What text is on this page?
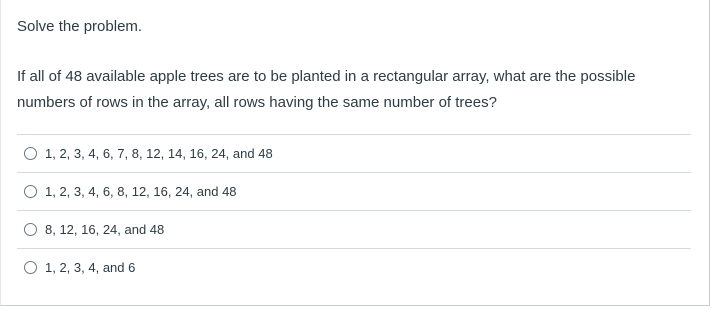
Solve the problem.
If all of 48 available apple trees are to be planted in a rectangular array, what are the possible numbers of rows in the array, all rows having the same number of trees?
1, 2, 3, 4, 6, 7, 8, 12, 14, 16, 24, and 48
1, 2, 3, 4, 6, 8, 12, 16, 24, and 48
8, 12, 16, 24, and 48
1, 2, 3, 4, and 6
